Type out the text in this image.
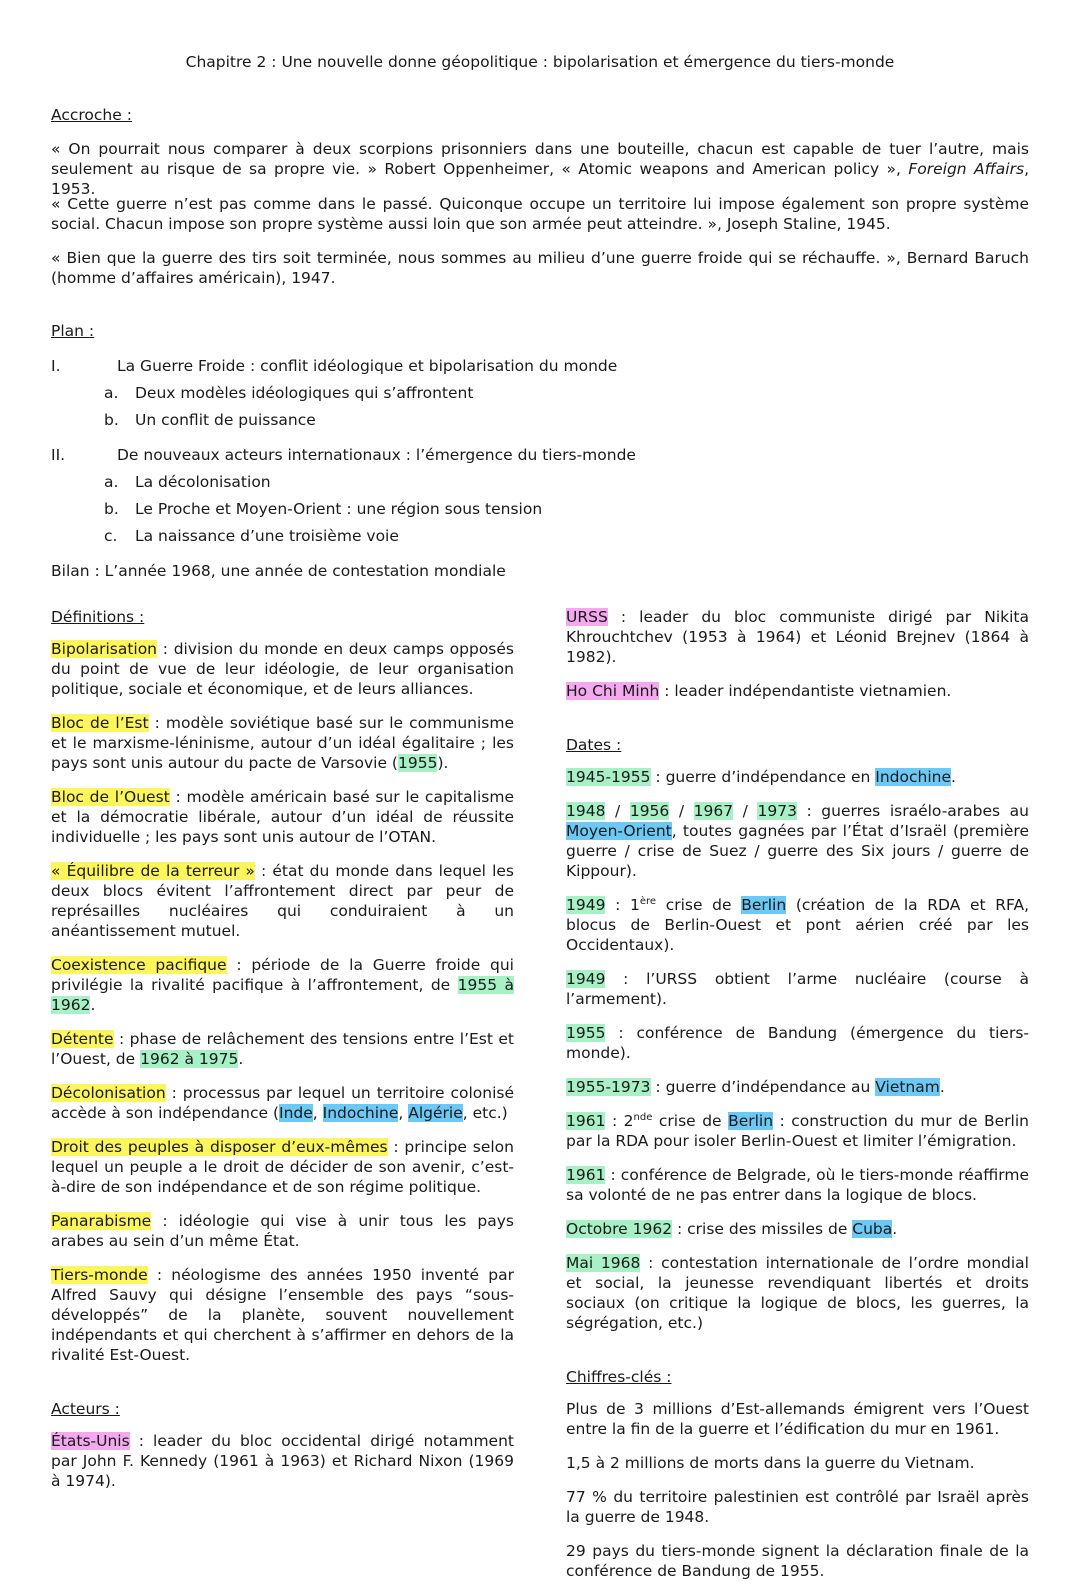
Chapitre 2 : Une nouvelle donne géopolitique : bipolarisation et émergence du tiers-monde
Accroche :
« On pourrait nous comparer à deux scorpions prisonniers dans une bouteille, chacun est capable de tuer l’autre, mais seulement au risque de sa propre vie. » Robert Oppenheimer, « Atomic weapons and American policy », Foreign Affairs, 1953.
« Cette guerre n’est pas comme dans le passé. Quiconque occupe un territoire lui impose également son propre système social. Chacun impose son propre système aussi loin que son armée peut atteindre. », Joseph Staline, 1945.
« Bien que la guerre des tirs soit terminée, nous sommes au milieu d’une guerre froide qui se réchauffe. », Bernard Baruch (homme d’affaires américain), 1947.
Plan :
I.	La Guerre Froide : conflit idéologique et bipolarisation du monde
a. Deux modèles idéologiques qui s’affrontent
b. Un conflit de puissance
II.	De nouveaux acteurs internationaux : l’émergence du tiers-monde
a. La décolonisation
b. Le Proche et Moyen-Orient : une région sous tension
c. La naissance d’une troisième voie
Bilan : L’année 1968, une année de contestation mondiale

Définitions :

Bipolarisation : division du monde en deux camps opposés du point de vue de leur idéologie, de leur organisation politique, sociale et économique, et de leurs alliances.

Bloc de l’Est : modèle soviétique basé sur le communisme et le marxisme-léninisme, autour d’un idéal égalitaire ; les pays sont unis autour du pacte de Varsovie (1955).

Bloc de l’Ouest : modèle américain basé sur le capitalisme et la démocratie libérale, autour d’un idéal de réussite individuelle ; les pays sont unis autour de l’OTAN.

« Équilibre de la terreur » : état du monde dans lequel les deux blocs évitent l’affrontement direct par peur de représailles nucléaires qui conduiraient à un anéantissement mutuel.

Coexistence pacifique : période de la Guerre froide qui privilégie la rivalité pacifique à l’affrontement, de 1955 à 1962.

Détente : phase de relâchement des tensions entre l’Est et l’Ouest, de 1962 à 1975.

Décolonisation : processus par lequel un territoire colonisé accède à son indépendance (Inde, Indochine, Algérie, etc.)

Droit des peuples à disposer d’eux-mêmes : principe selon lequel un peuple a le droit de décider de son avenir, c’est-à-dire de son indépendance et de son régime politique.

Panarabisme : idéologie qui vise à unir tous les pays arabes au sein d’un même État.

Tiers-monde : néologisme des années 1950 inventé par Alfred Sauvy qui désigne l’ensemble des pays “sous-développés” de la planète, souvent nouvellement indépendants et qui cherchent à s’affirmer en dehors de la rivalité Est-Ouest.

Acteurs :

États-Unis : leader du bloc occidental dirigé notamment par John F. Kennedy (1961 à 1963) et Richard Nixon (1969 à 1974).

URSS : leader du bloc communiste dirigé par Nikita Khrouchtchev (1953 à 1964) et Léonid Brejnev (1864 à 1982).

Ho Chi Minh : leader indépendantiste vietnamien.

Dates :

1945-1955 : guerre d’indépendance en Indochine.

1948 / 1956 / 1967 / 1973 : guerres israélo-arabes au Moyen-Orient, toutes gagnées par l’État d’Israël (première guerre / crise de Suez / guerre des Six jours / guerre de Kippour).

1949 : 1ère crise de Berlin (création de la RDA et RFA, blocus de Berlin-Ouest et pont aérien créé par les Occidentaux).

1949 : l’URSS obtient l’arme nucléaire (course à l’armement).

1955 : conférence de Bandung (émergence du tiers-monde).

1955-1973 : guerre d’indépendance au Vietnam.

1961 : 2nde crise de Berlin : construction du mur de Berlin par la RDA pour isoler Berlin-Ouest et limiter l’émigration.

1961 : conférence de Belgrade, où le tiers-monde réaffirme sa volonté de ne pas entrer dans la logique de blocs.

Octobre 1962 : crise des missiles de Cuba.

Mai 1968 : contestation internationale de l’ordre mondial et social, la jeunesse revendiquant libertés et droits sociaux (on critique la logique de blocs, les guerres, la ségrégation, etc.)

Chiffres-clés :

Plus de 3 millions d’Est-allemands émigrent vers l’Ouest entre la fin de la guerre et l’édification du mur en 1961.

1,5 à 2 millions de morts dans la guerre du Vietnam.

77 % du territoire palestinien est contrôlé par Israël après la guerre de 1948.

29 pays du tiers-monde signent la déclaration finale de la conférence de Bandung de 1955.
